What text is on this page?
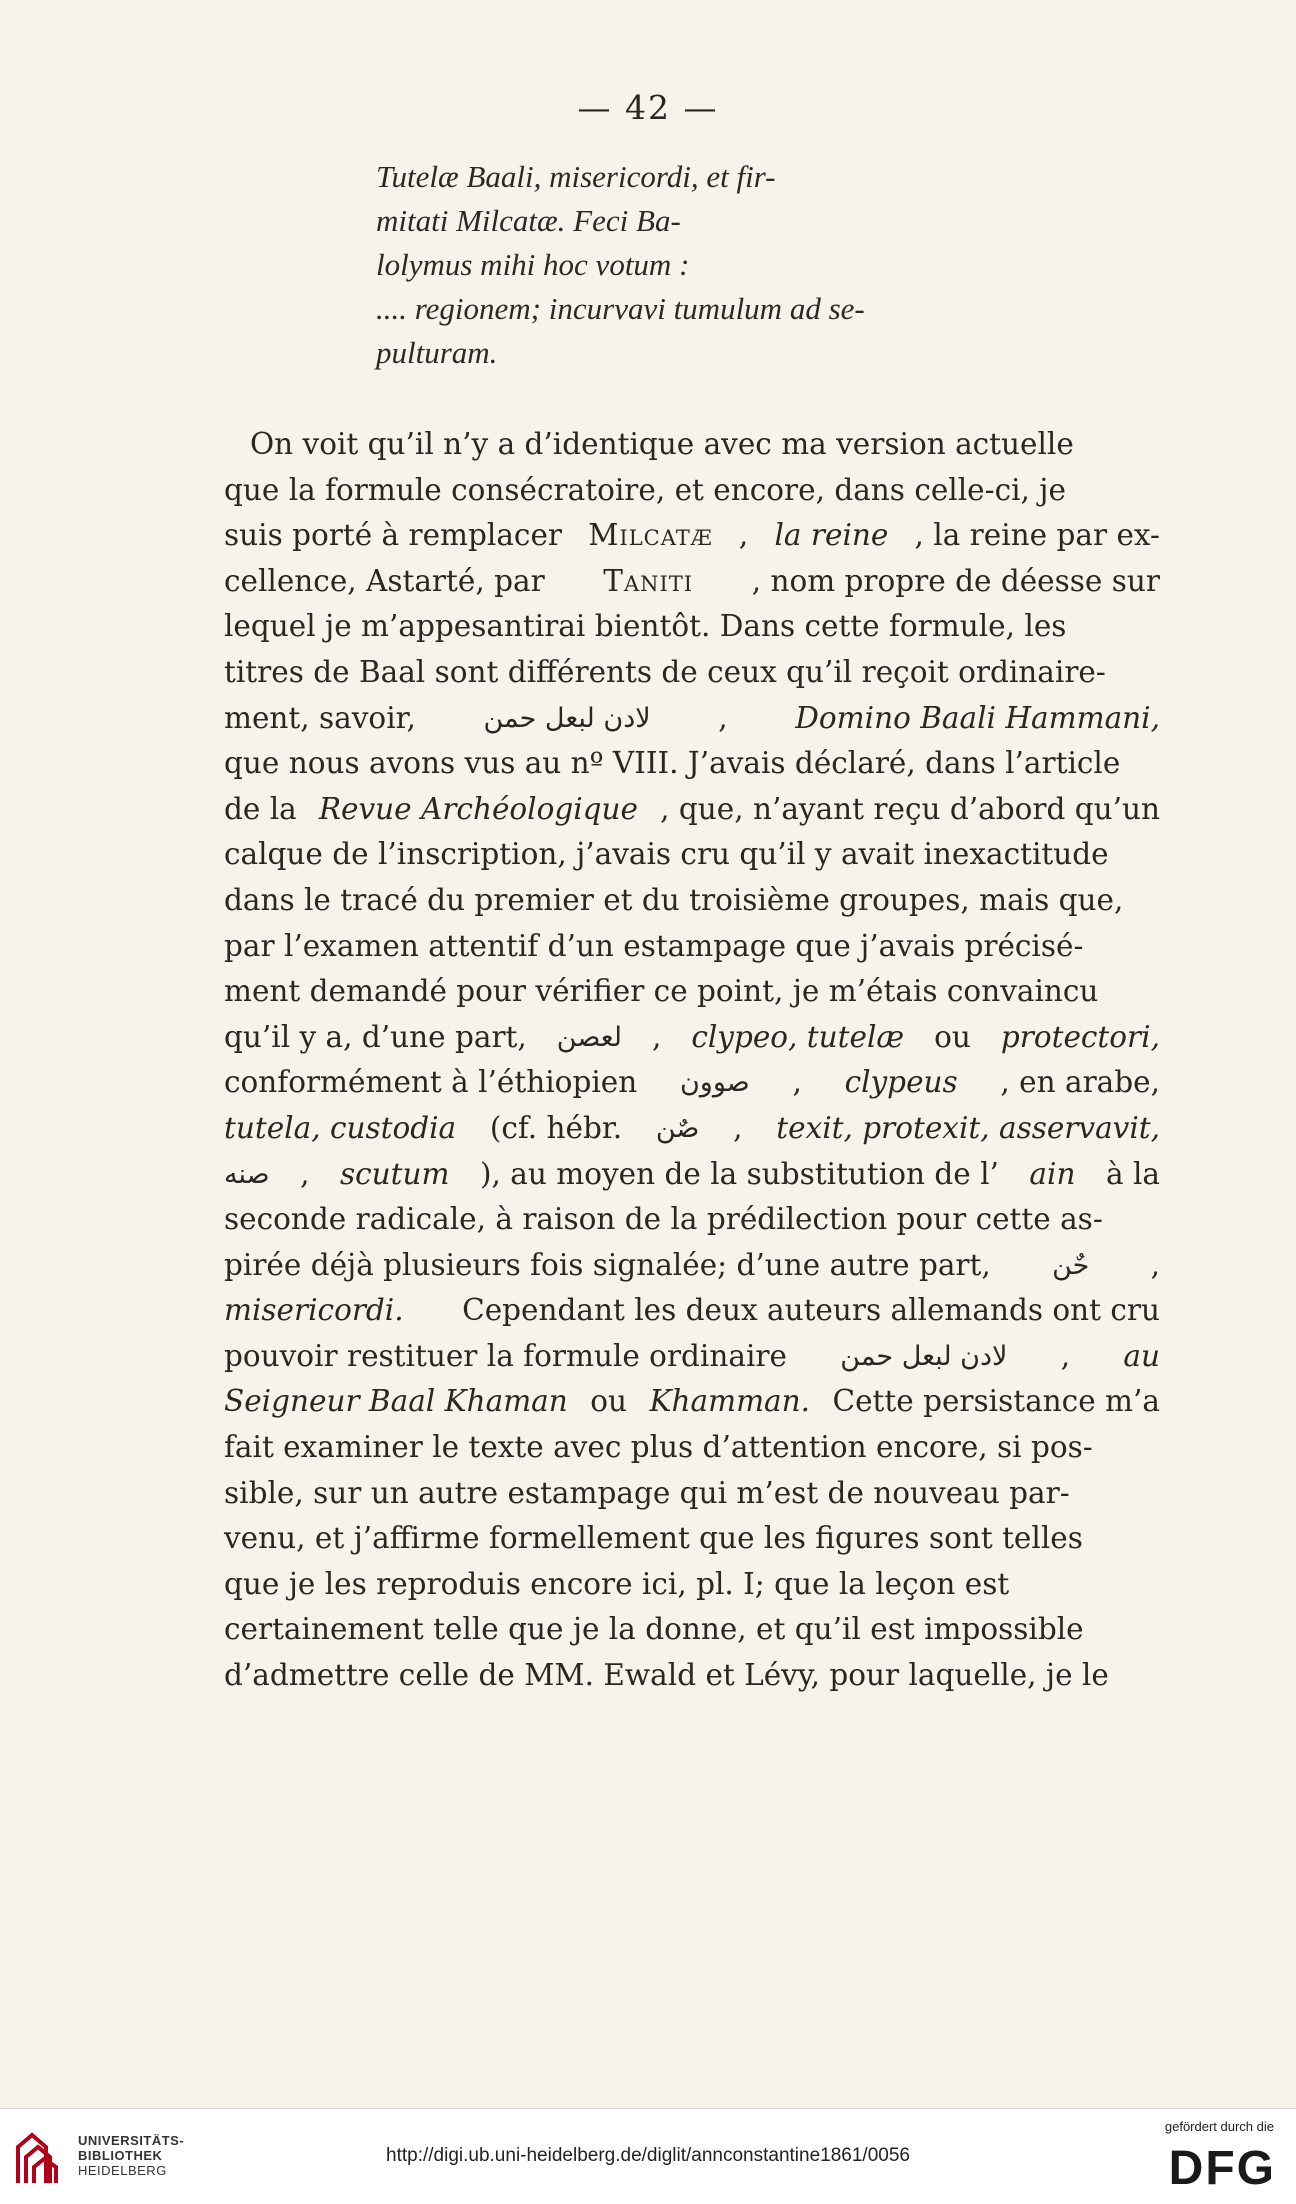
— 42 —
Tutelæ Baali, misericordi, et fir-
mitati Milcatæ. Feci Ba-
lolymus mihi hoc votum :
.... regionem; incurvavi tumulum ad se-
pulturam.
On voit qu’il n’y a d’identique avec ma version actuelle
que la formule consécratoire, et encore, dans celle-ci, je
suis porté à remplacer Milcatæ , la reine , la reine par ex-
cellence, Astarté, par Taniti , nom propre de déesse sur
lequel je m’appesantirai bientôt. Dans cette formule, les
titres de Baal sont différents de ceux qu’il reçoit ordinaire-
ment, savoir,	لادن لبعل حمن , Domino Baali Hammani,
que nous avons vus au nº VIII. J’avais déclaré, dans l’article
de la Revue Archéologique , que, n’ayant reçu d’abord qu’un
calque de l’inscription, j’avais cru qu’il y avait inexactitude
dans le tracé du premier et du troisième groupes, mais que,
par l’examen attentif d’un estampage que j’avais précisé-
ment demandé pour vérifier ce point, je m’étais convaincu
qu’il y a, d’une part, لعصن , clypeo, tutelæ ou protectori,
conformément à l’éthiopien صوون , clypeus , en arabe,
tutela, custodia (cf. hébr. صٌن , texit, protexit, asservavit,
صنه , scutum ), au moyen de la substitution de l’ ain à la
seconde radicale, à raison de la prédilection pour cette as-
pirée déjà plusieurs fois signalée; d’une autre part, حٌن ,
misericordi. Cependant les deux auteurs allemands ont cru
pouvoir restituer la formule ordinaire لادن لبعل حمن , au
Seigneur Baal Khaman ou Khamman. Cette persistance m’a
fait examiner le texte avec plus d’attention encore, si pos-
sible, sur un autre estampage qui m’est de nouveau par-
venu, et j’affirme formellement que les figures sont telles
que je les reproduis encore ici, pl. I; que la leçon est
certainement telle que je la donne, et qu’il est impossible
d’admettre celle de MM. Ewald et Lévy, pour laquelle, je le
UNIVERSITÄTS-
BIBLIOTHEK
HEIDELBERG
http://digi.ub.uni-heidelberg.de/diglit/annconstantine1861/0056
gefördert durch die
DFG
